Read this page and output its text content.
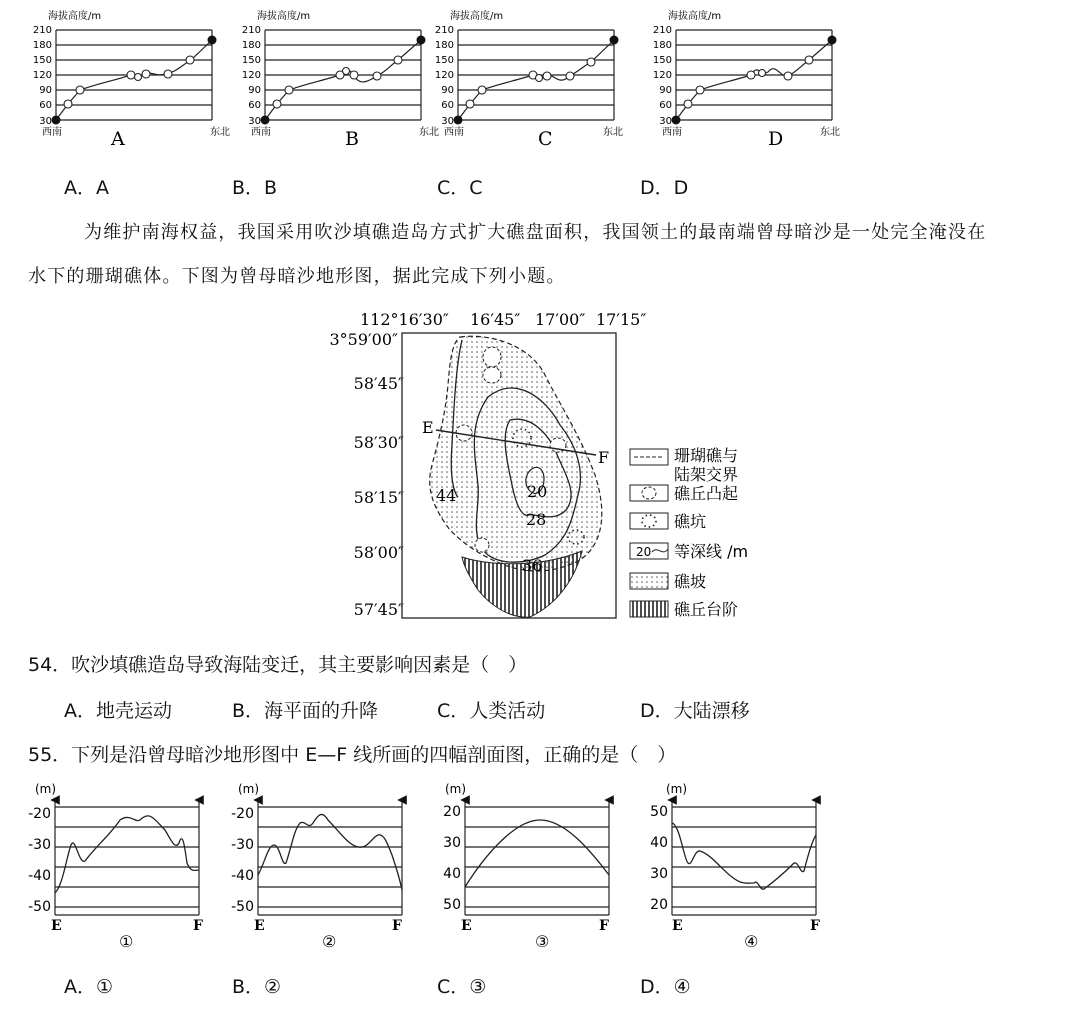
海拔高度/m
210
180
150
120
90
60
30
西南	东北
A
海拔高度/m
210
180
150
120
90
60
30
西南	东北
B
海拔高度/m
210
180
150
120
90
60
30
西南	东北
C
海拔高度/m
210
180
150
120
90
60
30
西南	东北
D
A．A	B．B	C．C	D．D
为维护南海权益，我国采用吹沙填礁造岛方式扩大礁盘面积，我国领土的最南端曾母暗沙是一处完全淹没在
水下的珊瑚礁体。下图为曾母暗沙地形图，据此完成下列小题。
112°16′30″ 16′45″ 17′00″ 17′15″
3°59′00″
58′45″
58′30″
58′15″
58′00″
57′45″
E
F
44	20
28
36
珊瑚礁与
陆架交界
礁丘凸起
礁坑
20 等深线 /m
礁坡
礁丘台阶
54．吹沙填礁造岛导致海陆变迁，其主要影响因素是（　）
A．地壳运动	B．海平面的升降	C．人类活动	D．大陆漂移
55．下列是沿曾母暗沙地形图中 E—F 线所画的四幅剖面图，正确的是（　）
(m)
-20
-30
-40
-50
E	F
①
(m)
-20
-30
-40
-50
E	F
②
(m)
20
30
40
50
E	F
③
(m)
50
40
30
20
E	F
④
A．①	B．②	C．③	D．④
